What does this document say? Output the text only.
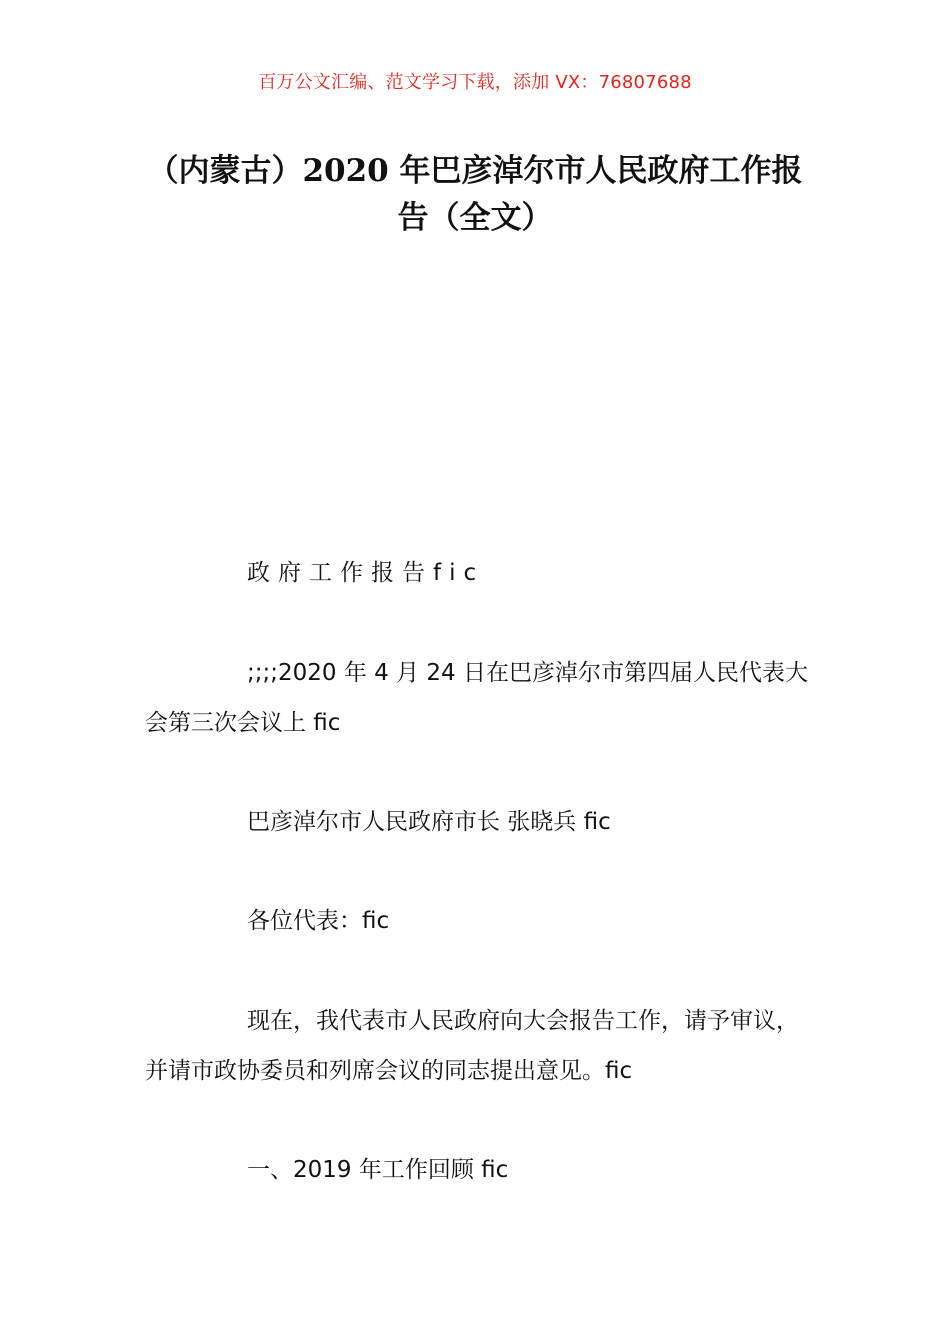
百万公文汇编、范文学习下载，添加 VX：76807688
（内蒙古）2020 年巴彦淖尔市人民政府工作报告（全文）
政府工作报告fic
;;;;2020 年 4 月 24 日在巴彦淖尔市第四届人民代表大会第三次会议上 fic
巴彦淖尔市人民政府市长 张晓兵 fic
各位代表：fic
现在，我代表市人民政府向大会报告工作，请予审议，并请市政协委员和列席会议的同志提出意见。fic
一、2019 年工作回顾 fic
